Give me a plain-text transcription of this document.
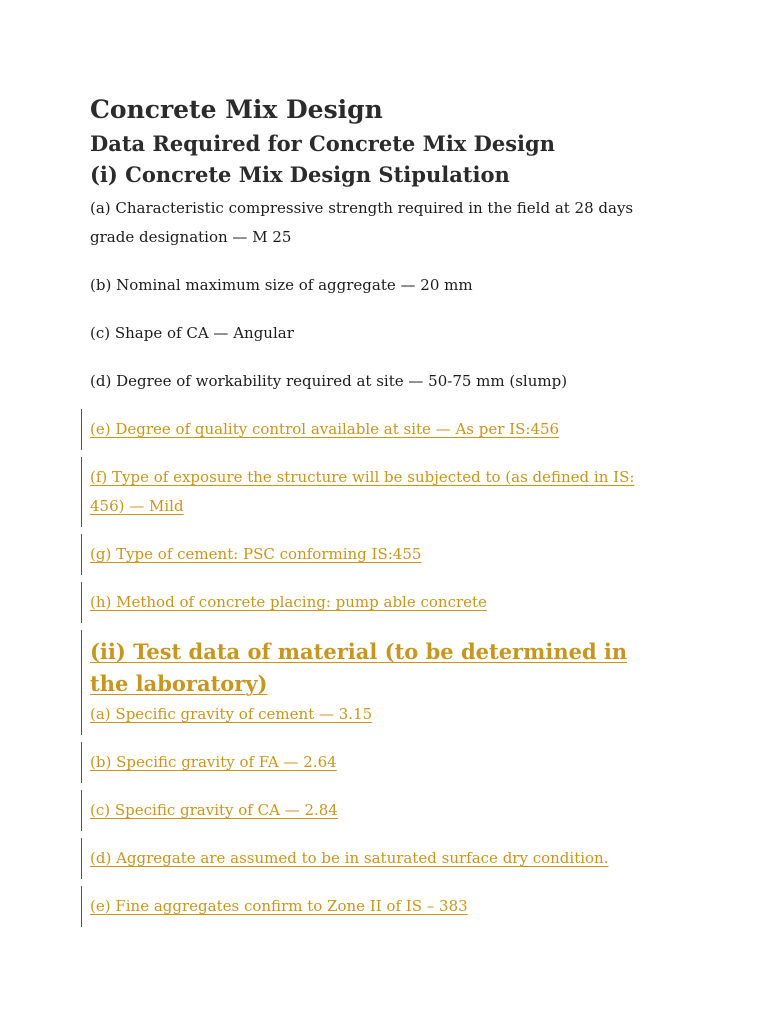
Concrete Mix Design
Data Required for Concrete Mix Design
(i) Concrete Mix Design Stipulation

(a) Characteristic compressive strength required in the field at 28 days grade designation — M 25

(b) Nominal maximum size of aggregate — 20 mm

(c) Shape of CA — Angular

(d) Degree of workability required at site — 50-75 mm (slump)

(e) Degree of quality control available at site — As per IS:456

(f) Type of exposure the structure will be subjected to (as defined in IS: 456) — Mild

(g) Type of cement: PSC conforming IS:455

(h) Method of concrete placing: pump able concrete

(ii) Test data of material (to be determined in the laboratory)

(a) Specific gravity of cement — 3.15

(b) Specific gravity of FA — 2.64

(c) Specific gravity of CA — 2.84

(d) Aggregate are assumed to be in saturated surface dry condition.

(e) Fine aggregates confirm to Zone II of IS – 383
